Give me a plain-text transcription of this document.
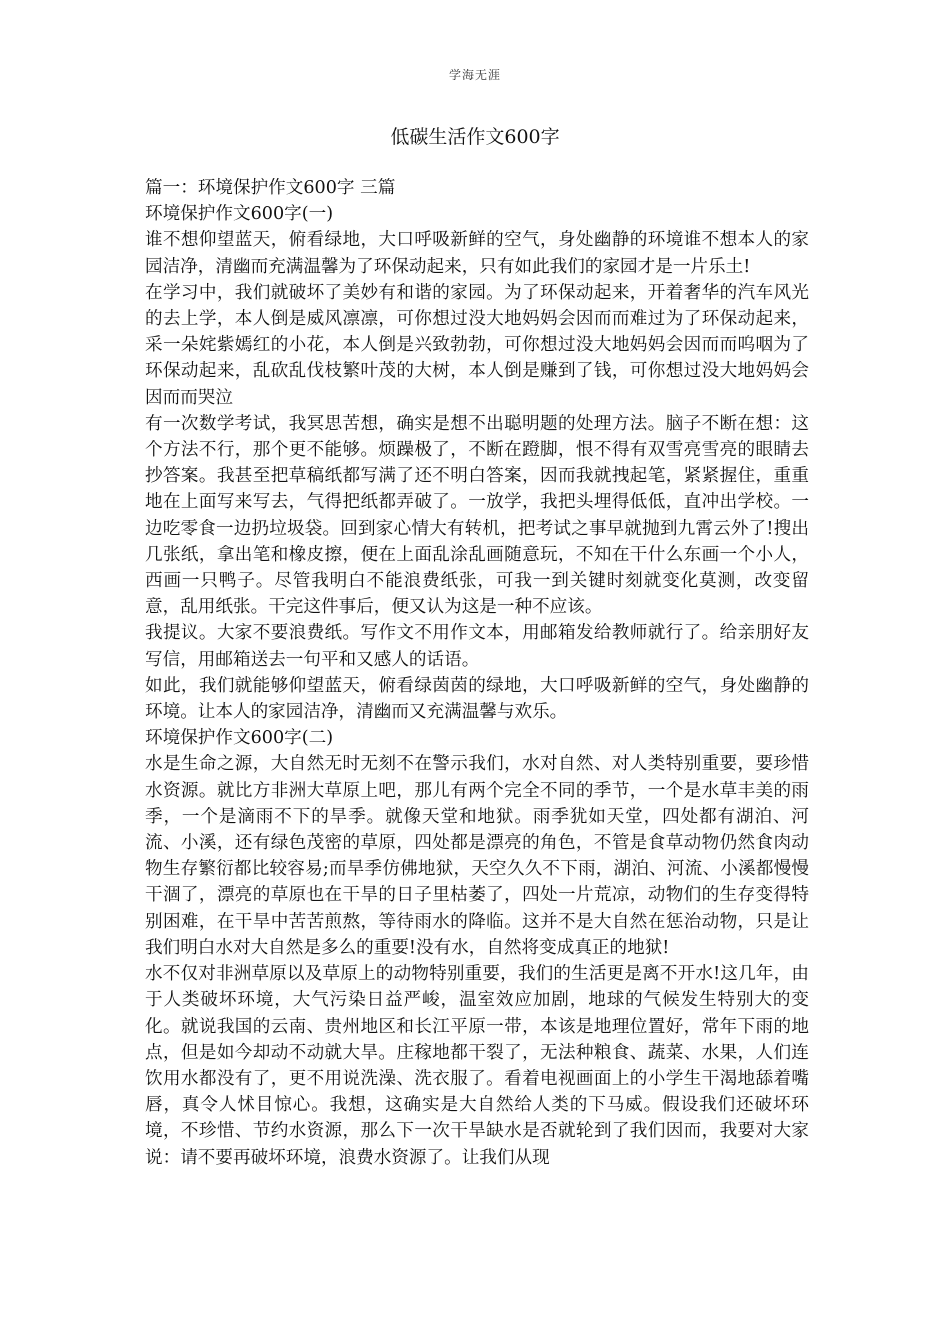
学海无涯
低碳生活作文600字

篇一：环境保护作文600字 三篇

环境保护作文600字(一)

谁不想仰望蓝天，俯看绿地，大口呼吸新鲜的空气，身处幽静的环境谁不想本人的家园洁净，清幽而充满温馨为了环保动起来，只有如此我们的家园才是一片乐土!

在学习中，我们就破坏了美妙有和谐的家园。为了环保动起来，开着奢华的汽车风光的去上学，本人倒是威风凛凛，可你想过没大地妈妈会因而而难过为了环保动起来，采一朵姹紫嫣红的小花，本人倒是兴致勃勃，可你想过没大地妈妈会因而而呜咽为了环保动起来，乱砍乱伐枝繁叶茂的大树，本人倒是赚到了钱，可你想过没大地妈妈会因而而哭泣

有一次数学考试，我冥思苦想，确实是想不出聪明题的处理方法。脑子不断在想：这个方法不行，那个更不能够。烦躁极了，不断在蹬脚，恨不得有双雪亮雪亮的眼睛去抄答案。我甚至把草稿纸都写满了还不明白答案，因而我就拽起笔，紧紧握住，重重地在上面写来写去，气得把纸都弄破了。一放学，我把头埋得低低，直冲出学校。一边吃零食一边扔垃圾袋。回到家心情大有转机，把考试之事早就抛到九霄云外了!搜出几张纸，拿出笔和橡皮擦，便在上面乱涂乱画随意玩，不知在干什么东画一个小人，西画一只鸭子。尽管我明白不能浪费纸张，可我一到关键时刻就变化莫测，改变留意，乱用纸张。干完这件事后，便又认为这是一种不应该。

我提议。大家不要浪费纸。写作文不用作文本，用邮箱发给教师就行了。给亲朋好友写信，用邮箱送去一句平和又感人的话语。

如此，我们就能够仰望蓝天，俯看绿茵茵的绿地，大口呼吸新鲜的空气，身处幽静的环境。让本人的家园洁净，清幽而又充满温馨与欢乐。

环境保护作文600字(二)

水是生命之源，大自然无时无刻不在警示我们，水对自然、对人类特别重要，要珍惜水资源。就比方非洲大草原上吧，那儿有两个完全不同的季节，一个是水草丰美的雨季，一个是滴雨不下的旱季。就像天堂和地狱。雨季犹如天堂，四处都有湖泊、河流、小溪，还有绿色茂密的草原，四处都是漂亮的角色，不管是食草动物仍然食肉动物生存繁衍都比较容易;而旱季仿佛地狱，天空久久不下雨，湖泊、河流、小溪都慢慢干涸了，漂亮的草原也在干旱的日子里枯萎了，四处一片荒凉，动物们的生存变得特别困难，在干旱中苦苦煎熬，等待雨水的降临。这并不是大自然在惩治动物，只是让我们明白水对大自然是多么的重要!没有水，自然将变成真正的地狱!

水不仅对非洲草原以及草原上的动物特别重要，我们的生活更是离不开水!这几年，由于人类破坏环境，大气污染日益严峻，温室效应加剧，地球的气候发生特别大的变化。就说我国的云南、贵州地区和长江平原一带，本该是地理位置好，常年下雨的地点，但是如今却动不动就大旱。庄稼地都干裂了，无法种粮食、蔬菜、水果，人们连饮用水都没有了，更不用说洗澡、洗衣服了。看着电视画面上的小学生干渴地舔着嘴唇，真令人怵目惊心。我想，这确实是大自然给人类的下马威。假设我们还破坏环境，不珍惜、节约水资源，那么下一次干旱缺水是否就轮到了我们因而，我要对大家说：请不要再破坏环境，浪费水资源了。让我们从现
